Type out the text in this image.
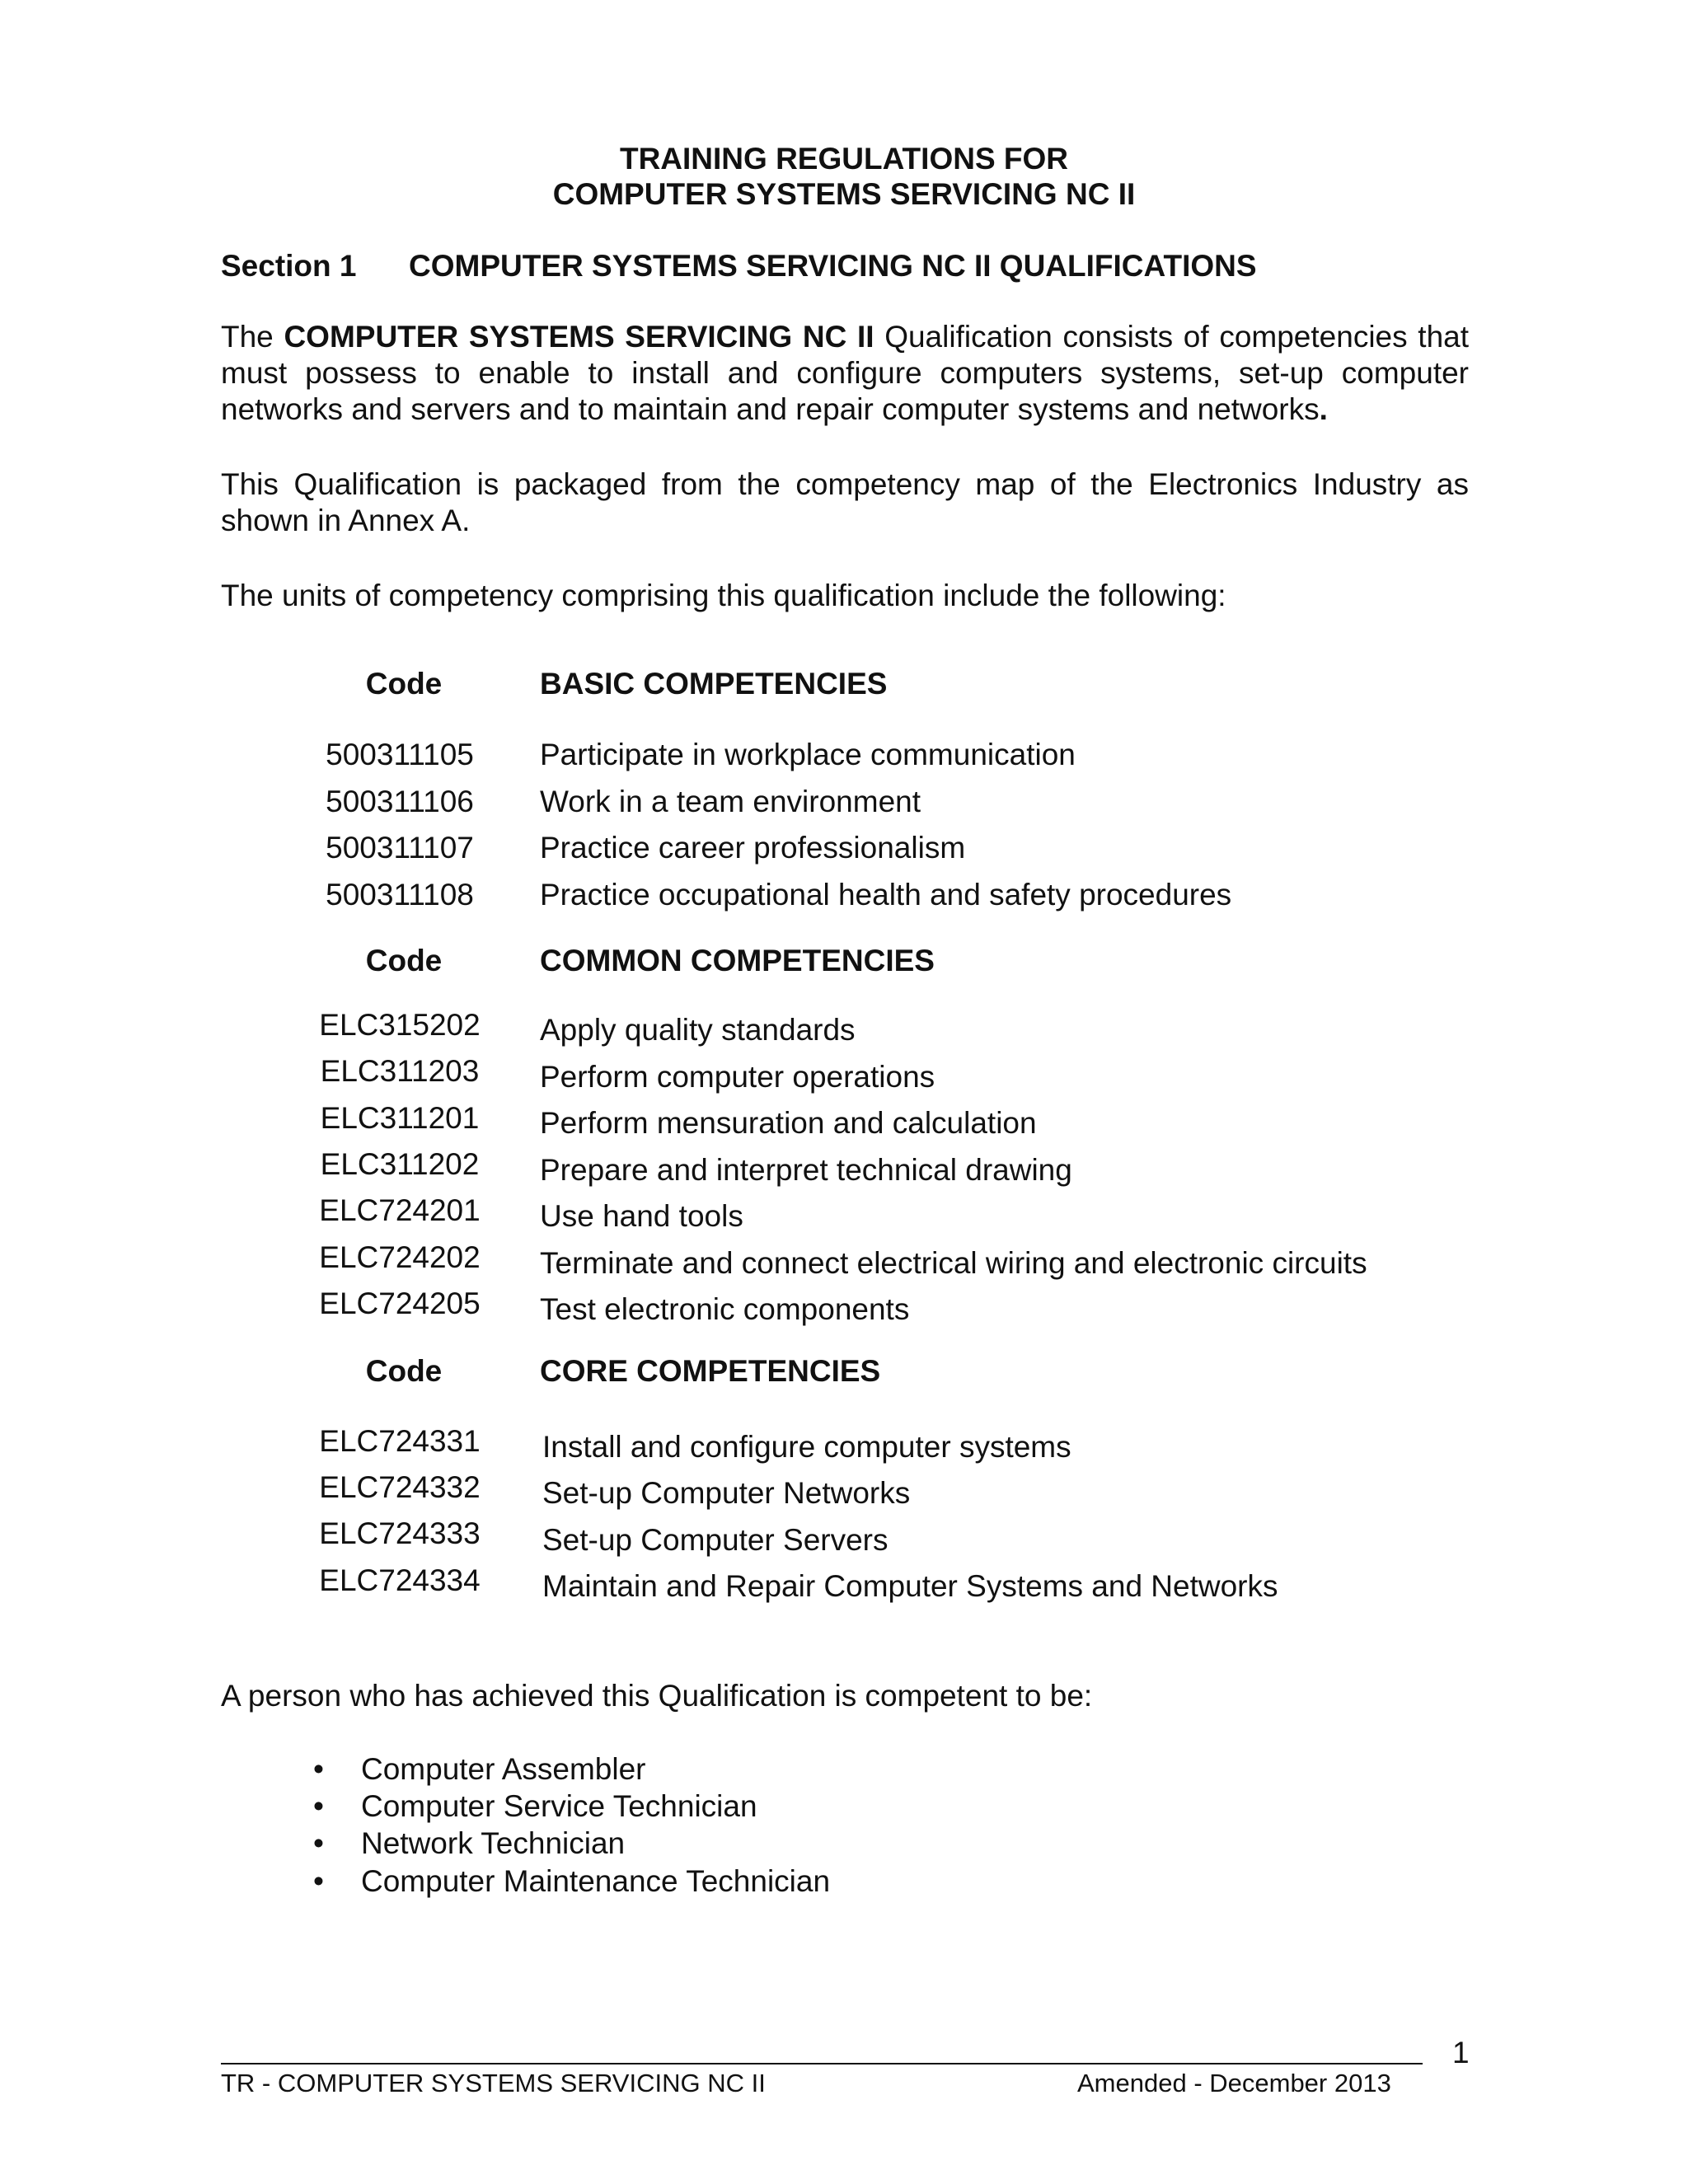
TRAINING REGULATIONS FOR
COMPUTER SYSTEMS SERVICING NC II
Section 1 COMPUTER SYSTEMS SERVICING NC II QUALIFICATIONS
The COMPUTER SYSTEMS SERVICING NC II Qualification consists of competencies that must possess to enable to install and configure computers systems, set-up computer networks and servers and to maintain and repair computer systems and networks.
This Qualification is packaged from the competency map of the Electronics Industry as shown in Annex A.
The units of competency comprising this qualification include the following:
Code	BASIC COMPETENCIES
500311105 Participate in workplace communication
500311106 Work in a team environment
500311107 Practice career professionalism
500311108 Practice occupational health and safety procedures
Code	COMMON COMPETENCIES
ELC315202 Apply quality standards
ELC311203 Perform computer operations
ELC311201 Perform mensuration and calculation
ELC311202 Prepare and interpret technical drawing
ELC724201 Use hand tools
ELC724202 Terminate and connect electrical wiring and electronic circuits
ELC724205 Test electronic components
Code	CORE COMPETENCIES
ELC724331 Install and configure computer systems
ELC724332 Set-up Computer Networks
ELC724333 Set-up Computer Servers
ELC724334 Maintain and Repair Computer Systems and Networks
A person who has achieved this Qualification is competent to be:
• Computer Assembler
• Computer Service Technician
• Network Technician
• Computer Maintenance Technician
1
TR - COMPUTER SYSTEMS SERVICING NC II	Amended - December 2013
